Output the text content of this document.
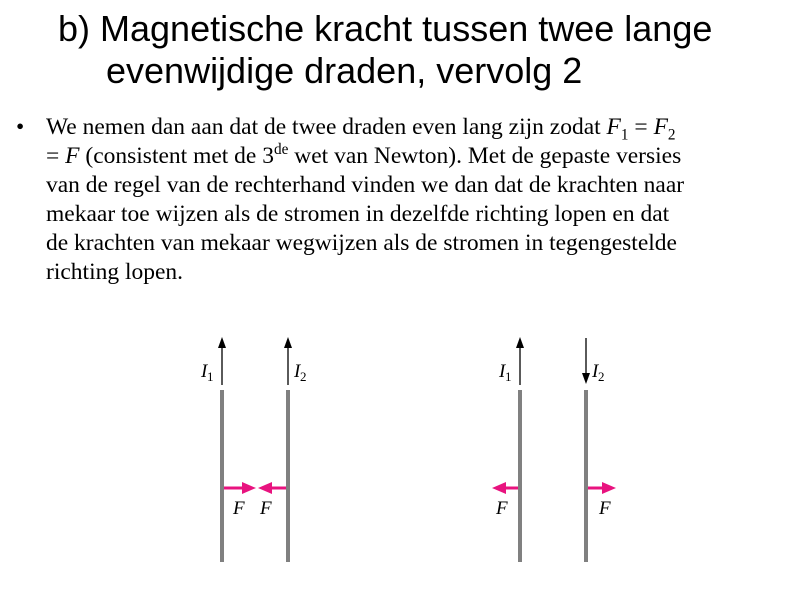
b) Magnetische kracht tussen twee lange

evenwijdige draden, vervolg 2
• We nemen dan aan dat de twee draden even lang zijn zodat $F_1 = F_2$
= F (consistent met de 3de wet van Newton). Met de gepaste versies
van de regel van de rechterhand vinden we dan dat de krachten naar
mekaar toe wijzen als de stromen in dezelfde richting lopen en dat
de krachten van mekaar wegwijzen als de stromen in tegengestelde
richting lopen.
I 1	I 2
F F
I 1	I 2
F	F
